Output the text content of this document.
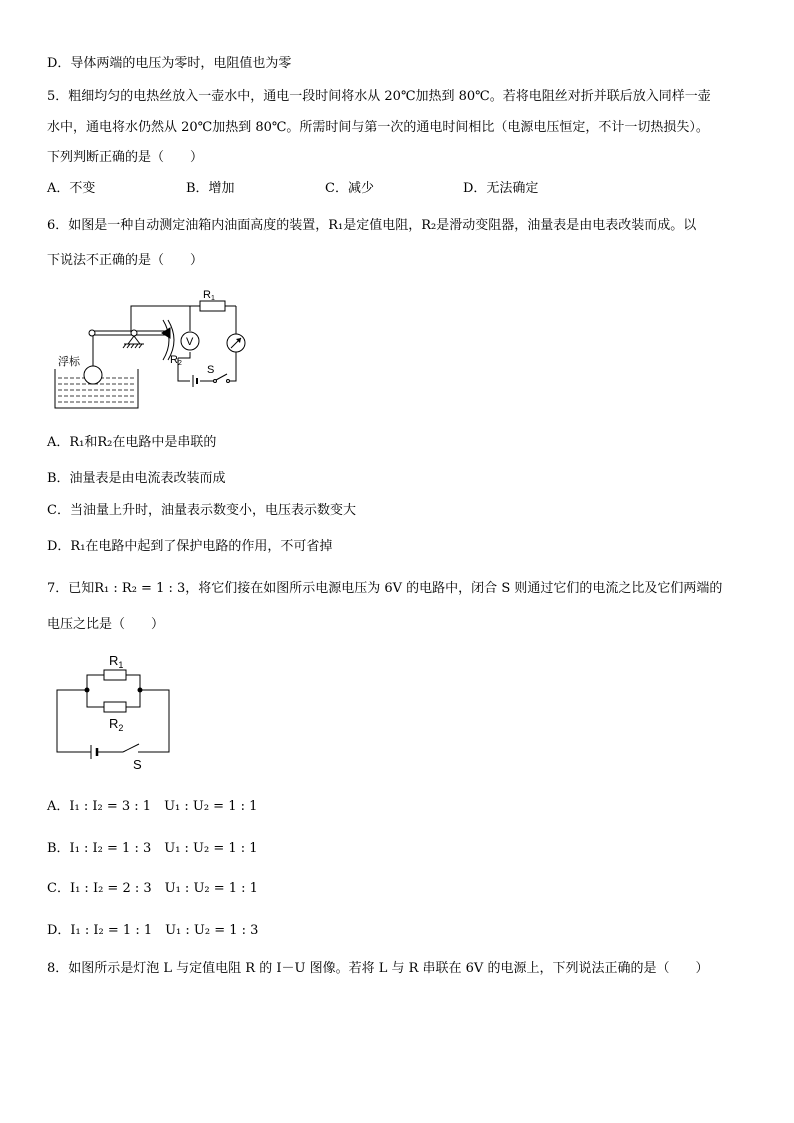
D．导体两端的电压为零时，电阻值也为零
5．粗细均匀的电热丝放入一壶水中，通电一段时间将水从 20℃加热到 80℃。若将电阻丝对折并联后放入同样一壶
水中，通电将水仍然从 20℃加热到 80℃。所需时间与第一次的通电时间相比（电源电压恒定，不计一切热损失）。
下列判断正确的是（　　）
A．不变	B．增加	C．减少	D．无法确定
6．如图是一种自动测定油箱内油面高度的装置，R₁是定值电阻，R₂是滑动变阻器，油量表是由电表改装而成。以
下说法不正确的是（　　）
浮标
R1
V
R2
S
A．R₁和R₂在电路中是串联的
B．油量表是由电流表改装而成
C．当油量上升时，油量表示数变小，电压表示数变大
D．R₁在电路中起到了保护电路的作用，不可省掉
7．已知R₁ : R₂ = 1 : 3，将它们接在如图所示电源电压为 6V 的电路中，闭合 S 则通过它们的电流之比及它们两端的
电压之比是（　　）
$R_1$
$R_2$
S
A．I₁ : I₂ = 3 : 1　U₁ : U₂ = 1 : 1
B．I₁ : I₂ = 1 : 3　U₁ : U₂ = 1 : 1
C．I₁ : I₂ = 2 : 3　U₁ : U₂ = 1 : 1
D．I₁ : I₂ = 1 : 1　U₁ : U₂ = 1 : 3
8．如图所示是灯泡 L 与定值电阻 R 的 I－U 图像。若将 L 与 R 串联在 6V 的电源上，下列说法正确的是（　　）
